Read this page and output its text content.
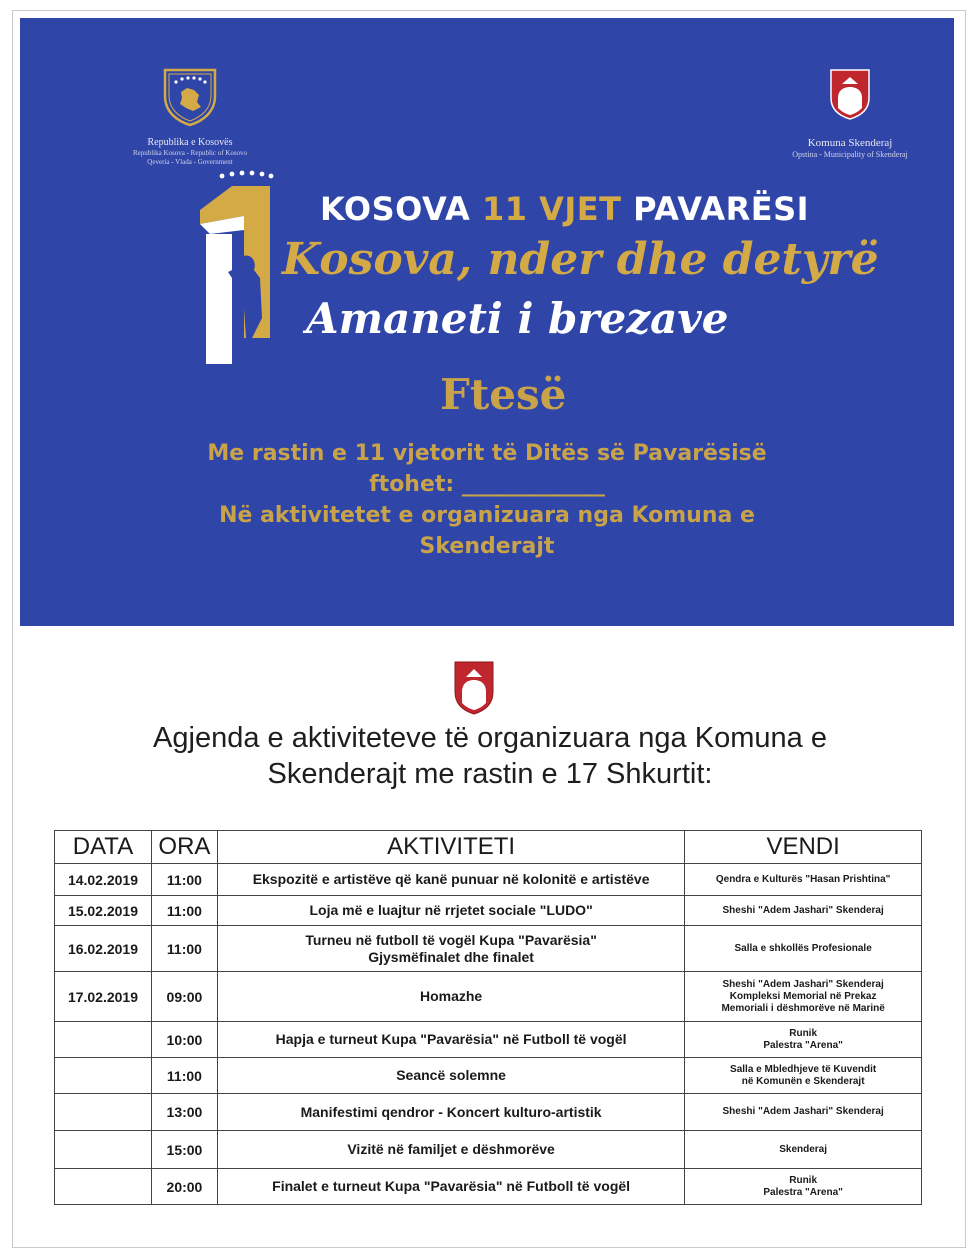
Republika e Kosovës
Republika Kosova - Republic of Kosovo
Qeveria - Vlada - Government
Komuna Skenderaj
Opstina - Municipality of Skenderaj
KOSOVA 11 VJET PAVARËSI
Kosova, nder dhe detyrë
Amaneti i brezave
Ftesë
Me rastin e 11 vjetorit të Ditës së Pavarësisë
ftohet: _____________
Në aktivitetet e organizuara nga Komuna e
Skenderajt
Agjenda e aktiviteteve të organizuara nga Komuna e
Skenderajt me rastin e 17 Shkurtit:
DATA	ORA	AKTIVITETI	VENDI
14.02.2019	11:00	Ekspozitë e artistëve që kanë punuar në kolonitë e artistëve	Qendra e Kulturës "Hasan Prishtina"

15.02.2019	11:00	Loja më e luajtur në rrjetet sociale "LUDO"	Sheshi "Adem Jashari" Skenderaj

16.02.2019	11:00	Turneu në futboll të vogël Kupa "Pavarësia"
Gjysmëfinalet dhe finalet	Salla e shkollës Profesionale

17.02.2019	09:00	Homazhe	Sheshi "Adem Jashari" Skenderaj
Kompleksi Memorial në Prekaz
Memoriali i dëshmorëve në Marinë

	10:00	Hapja e turneut Kupa "Pavarësia" në Futboll të vogël	Runik
Palestra "Arena"

	11:00	Seancë solemne	Salla e Mbledhjeve të Kuvendit
në Komunën e Skenderajt

	13:00	Manifestimi qendror - Koncert kulturo-artistik	Sheshi "Adem Jashari" Skenderaj

	15:00	Vizitë në familjet e dëshmorëve	Skenderaj

	20:00	Finalet e turneut Kupa "Pavarësia" në Futboll të vogël	Runik
Palestra "Arena"
